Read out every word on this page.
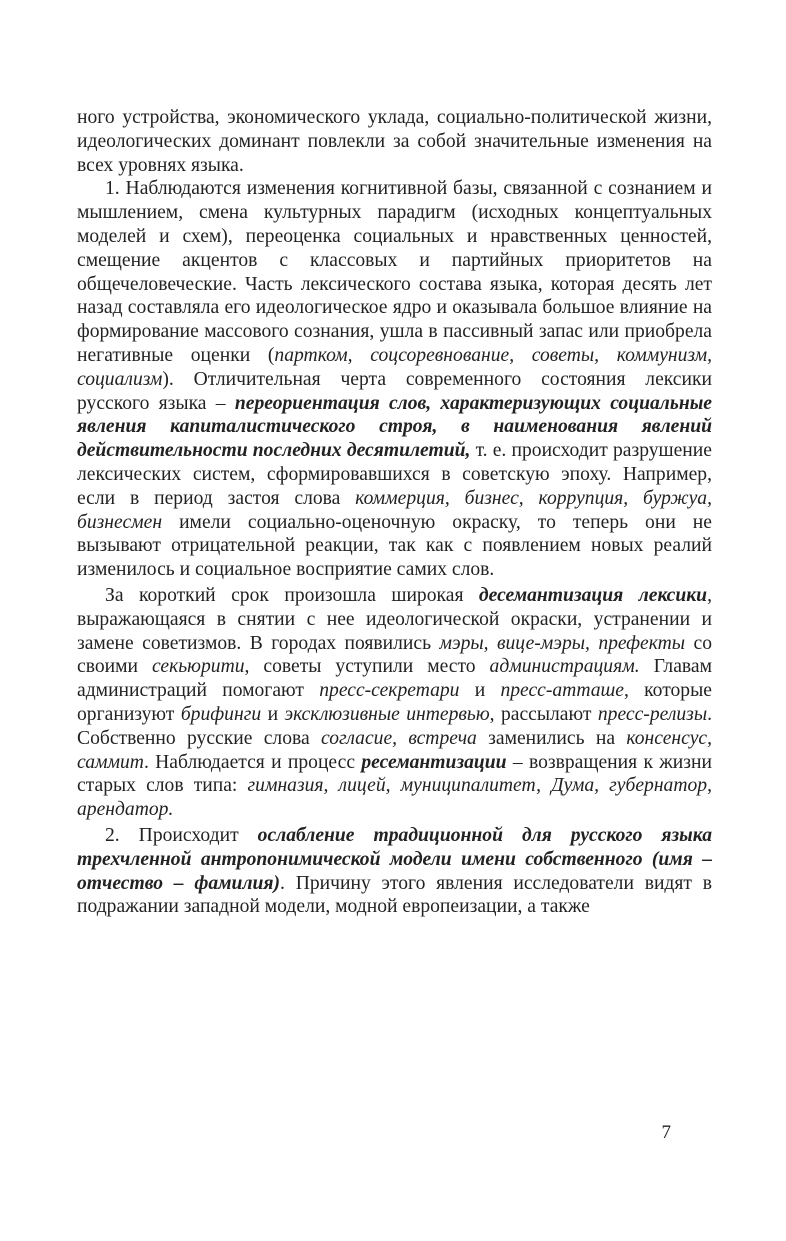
ного устройства, экономического уклада, социально-политической жизни, идеологических доминант повлекли за собой значительные изменения на всех уровнях языка.

1. Наблюдаются изменения когнитивной базы, связанной с сознанием и мышлением, смена культурных парадигм (исходных концептуальных моделей и схем), переоценка социальных и нравственных ценностей, смещение акцентов с классовых и партийных приоритетов на общечеловеческие. Часть лексического состава языка, которая десять лет назад составляла его идеологическое ядро и оказывала большое влияние на формирование массового сознания, ушла в пассивный запас или приобрела негативные оценки (партком, соцсоревнование, советы, коммунизм, социализм). Отличительная черта современного состояния лексики русского языка – переориентация слов, характеризующих социальные явления капиталистического строя, в наименования явлений действительности последних десятилетий, т. е. происходит разрушение лексических систем, сформировавшихся в советскую эпоху. Например, если в период застоя слова коммерция, бизнес, коррупция, буржуа, бизнесмен имели социально-оценочную окраску, то теперь они не вызывают отрицательной реакции, так как с появлением новых реалий изменилось и социальное восприятие самих слов.

За короткий срок произошла широкая десемантизация лексики, выражающаяся в снятии с нее идеологической окраски, устранении и замене советизмов. В городах появились мэры, вице-мэры, префекты со своими секьюрити, советы уступили место администрациям. Главам администраций помогают пресс-секретари и пресс-атташе, которые организуют брифинги и эксклюзивные интервью, рассылают пресс-релизы. Собственно русские слова согласие, встреча заменились на консенсус, саммит. Наблюдается и процесс ресемантизации – возвращения к жизни старых слов типа: гимназия, лицей, муниципалитет, Дума, губернатор, арендатор.

2. Происходит ослабление традиционной для русского языка трехчленной антропонимической модели имени собственного (имя – отчество – фамилия). Причину этого явления исследователи видят в подражании западной модели, модной европеизации, а также

7
